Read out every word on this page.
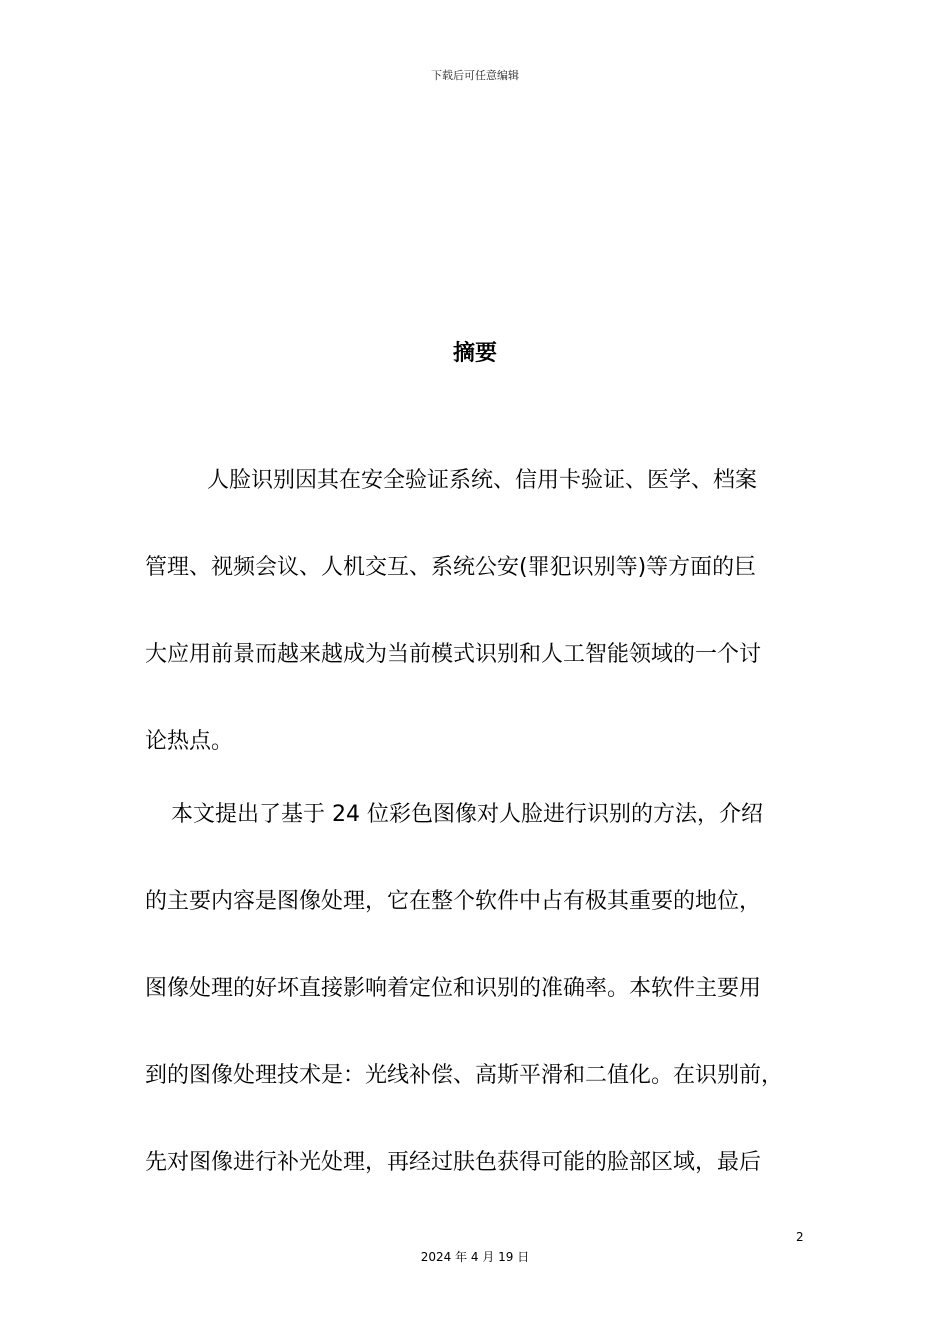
下载后可任意编辑
摘要
人脸识别因其在安全验证系统、信用卡验证、医学、档案
管理、视频会议、人机交互、系统公安(罪犯识别等)等方面的巨
大应用前景而越来越成为当前模式识别和人工智能领域的一个讨
论热点。
本文提出了基于 24 位彩色图像对人脸进行识别的方法，介绍
的主要内容是图像处理，它在整个软件中占有极其重要的地位，
图像处理的好坏直接影响着定位和识别的准确率。本软件主要用
到的图像处理技术是：光线补偿、高斯平滑和二值化。在识别前，
先对图像进行补光处理，再经过肤色获得可能的脸部区域，最后
2
2024 年 4 月 19 日
